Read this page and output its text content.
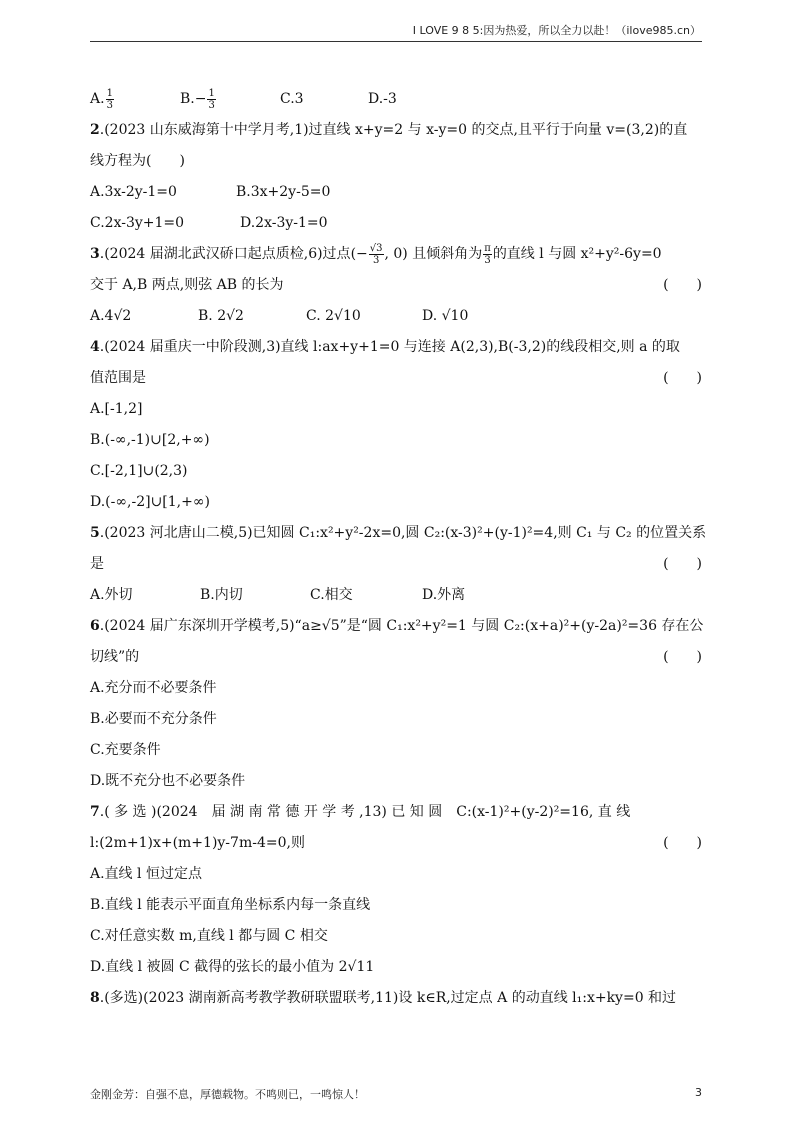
I LOVE 9 8 5:因为热爱，所以全力以赴！（ilove985.cn）
A. $\frac{1}{3}$	$B.- \frac{1}{3}$	C.3	D.-3
2.(2023 山东威海第十中学月考,1)过直线 x+y=2 与 x-y=0 的交点,且平行于向量 v=(3,2)的直
线方程为(　　)
A.3x-2y-1=0	B.3x+2y-5=0
C.2x-3y+1=0	D.2x-3y-1=0
3.(2024 届湖北武汉硚口起点质检,6)过点(− $\frac{√3}{3}$ , 0) 且倾斜角为 $\frac{\pi}{3}$ 的直线 l 与圆 x²+y²-6y=0
交于 A,B 两点,则弦 AB 的长为	(　　)
A.4√2	B. 2√2	C. 2√10	D. √10
4.(2024 届重庆一中阶段测,3)直线 l:ax+y+1=0 与连接 A(2,3),B(-3,2)的线段相交,则 a 的取
值范围是	(　　)
A.[-1,2]
B.(-∞,-1)∪[2,+∞)
C.[-2,1]∪(2,3)
D.(-∞,-2]∪[1,+∞)
5.(2023 河北唐山二模,5)已知圆 C₁:x²+y²-2x=0,圆 C₂:(x-3)²+(y-1)²=4,则 C₁ 与 C₂ 的位置关系
是	(　　)
A.外切	B.内切	C.相交	D.外离
6.(2024 届广东深圳开学模考,5)“a≥√5”是“圆 C₁:x²+y²=1 与圆 C₂:(x+a)²+(y-2a)²=36 存在公
切线”的	(　　)
A.充分而不必要条件
B.必要而不充分条件
C.充要条件
D.既不充分也不必要条件
7.( 多 选 )(2024　届 湖 南 常 德 开 学 考 ,13) 已 知 圆　C:(x-1)²+(y-2)²=16, 直 线
l:(2m+1)x+(m+1)y-7m-4=0,则	(　　)
A.直线 l 恒过定点
B.直线 l 能表示平面直角坐标系内每一条直线
C.对任意实数 m,直线 l 都与圆 C 相交
D.直线 l 被圆 C 截得的弦长的最小值为 2√11
8.(多选)(2023 湖南新高考教学教研联盟联考,11)设 k∈R,过定点 A 的动直线 l₁:x+ky=0 和过
金刚金芳：自强不息，厚德载物。不鸣则已，一鸣惊人！	3
